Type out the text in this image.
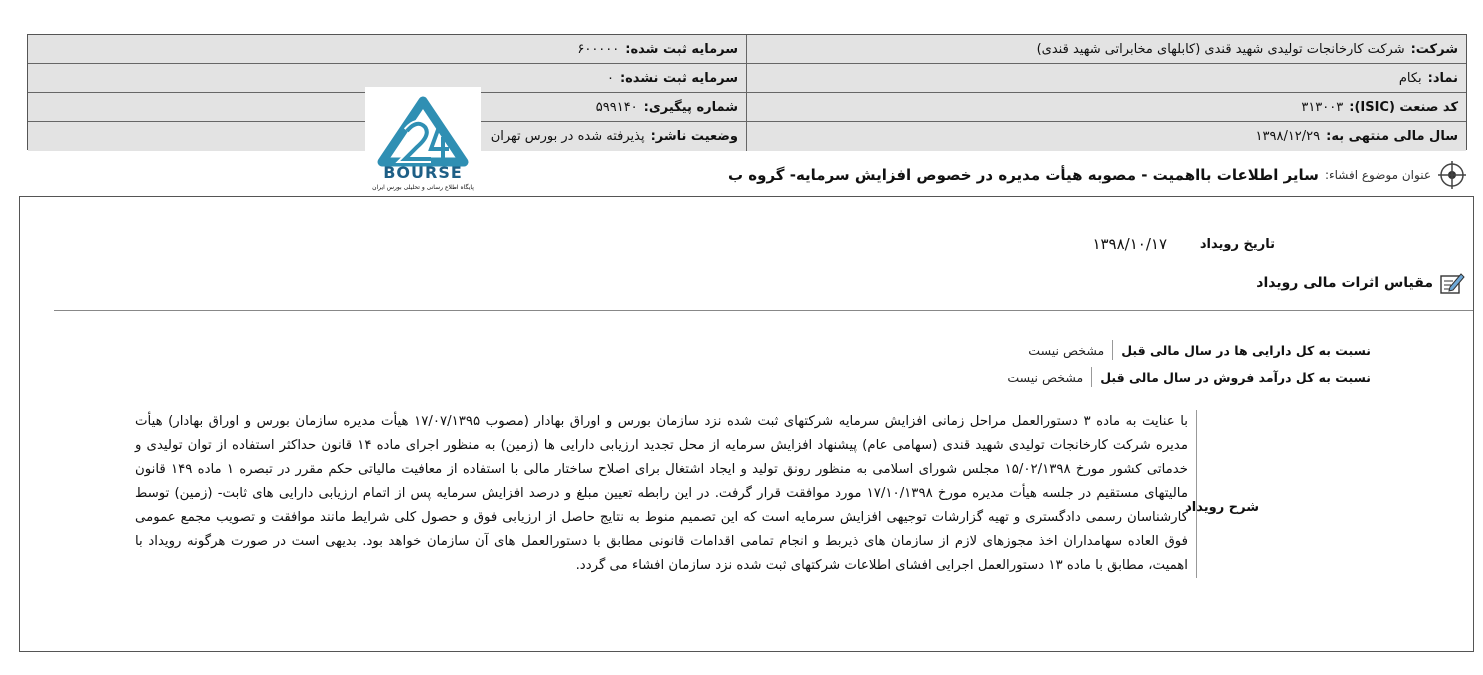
شرکت:
شرکت کارخانجات تولیدی شهید قندی (کابلهای مخابراتی شهید قندی)
سرمایه ثبت شده:
۶۰۰۰۰۰
نماد:
بکام
سرمایه ثبت نشده:
۰
کد صنعت (ISIC):
۳۱۳۰۰۳
شماره پیگیری:
۵۹۹۱۴۰
سال مالی منتهی به:
۱۳۹۸/۱۲/۲۹
وضعیت ناشر:
پذیرفته شده در بورس تهران
BOURSE
پایگاه اطلاع رسانی و تحلیلی بورس ایران
عنوان موضوع افشاء:
سایر اطلاعات بااهمیت - مصوبه هیأت مدیره در خصوص افزایش سرمایه- گروه ب
تاریخ رویداد
۱۳۹۸/۱۰/۱۷
مقیاس اثرات مالی رویداد
نسبت به کل دارایی ها در سال مالی قبل
مشخص نیست
نسبت به کل درآمد فروش در سال مالی قبل
مشخص نیست
شرح رویداد

با عنایت به ماده ۳ دستورالعمل مراحل زمانی افزایش سرمایه شرکتهای ثبت شده نزد سازمان بورس و اوراق بهادار (مصوب ۱۷/۰۷/۱۳۹۵ هیأت مدیره سازمان بورس و اوراق بهادار) هیأت مدیره شرکت کارخانجات تولیدی شهید قندی (سهامی عام) پیشنهاد افزایش سرمایه از محل تجدید ارزیابی دارایی ها (زمین) به منظور اجرای ماده ۱۴ قانون حداکثر استفاده از توان تولیدی و خدماتی کشور مورخ ۱۵/۰۲/۱۳۹۸ مجلس شورای اسلامی به منظور رونق تولید و ایجاد اشتغال برای اصلاح ساختار مالی با استفاده از معافیت مالیاتی حکم مقرر در تبصره ۱ ماده ۱۴۹ قانون مالیتهای مستقیم در جلسه هیأت مدیره مورخ ۱۷/۱۰/۱۳۹۸ مورد موافقت قرار گرفت. در این رابطه تعیین مبلغ و درصد افزایش سرمایه پس از اتمام ارزیابی دارایی های ثابت- (زمین) توسط کارشناسان رسمی دادگستری و تهیه گزارشات توجیهی افزایش سرمایه است که این تصمیم منوط به نتایج حاصل از ارزیابی فوق و حصول کلی شرایط مانند موافقت و تصویب مجمع عمومی فوق العاده سهامداران اخذ مجوزهای لازم از سازمان های ذیربط و انجام تمامی اقدامات قانونی مطابق با دستورالعمل های آن سازمان خواهد بود. بدیهی است در صورت هرگونه رویداد با اهمیت، مطابق با ماده ۱۳ دستورالعمل اجرایی افشای اطلاعات شرکتهای ثبت شده نزد سازمان افشاء می گردد.
